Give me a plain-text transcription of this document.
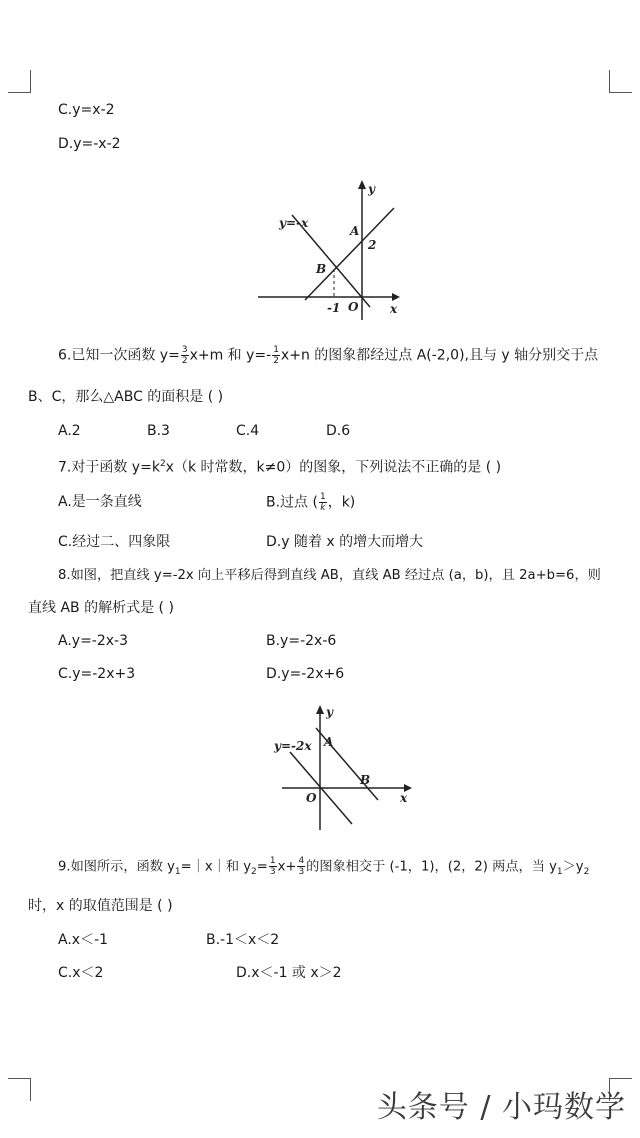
C.y=x-2
D.y=-x-2
y=-x
y
x
A
B
O
2
-1
6.已知一次函数 $y= \frac{3}{2} x+m$ 和 $y=- \frac{1}{2} x+n$ 的图象都经过点 A(-2,0),且与 y 轴分别交于点
B、C，那么△ABC 的面积是 ( )
A.2	B.3	C.4	D.6
7.对于函数 $y=k^2x(k$ 时常数，k≠0）的图象，下列说法不正确的是 ( )
A.是一条直线	B.过点 ( $\frac{1}{k}$ ，k)
C.经过二、四象限	D.y 随着 x 的增大而增大
8.如图，把直线 y=-2x 向上平移后得到直线 AB，直线 AB 经过点 (a，b)，且 2a+b=6，则
直线 AB 的解析式是 ( )
A.y=-2x-3	B.y=-2x-6
C.y=-2x+3	D.y=-2x+6
y=-2x
y
x
A
B
O
9.如图所示，函数 $y_1=|x|$和 $y_2= \frac{1}{3} x+ \frac{4}{3}$ 的图象相交于 (-1，1)，(2，2) 两点，当 $y_1>y_2$
时，x 的取值范围是 ( )
A.x＜-1	B.-1＜x＜2
C.x＜2	D.x＜-1 或 x＞2
头条号 / 小玛数学
